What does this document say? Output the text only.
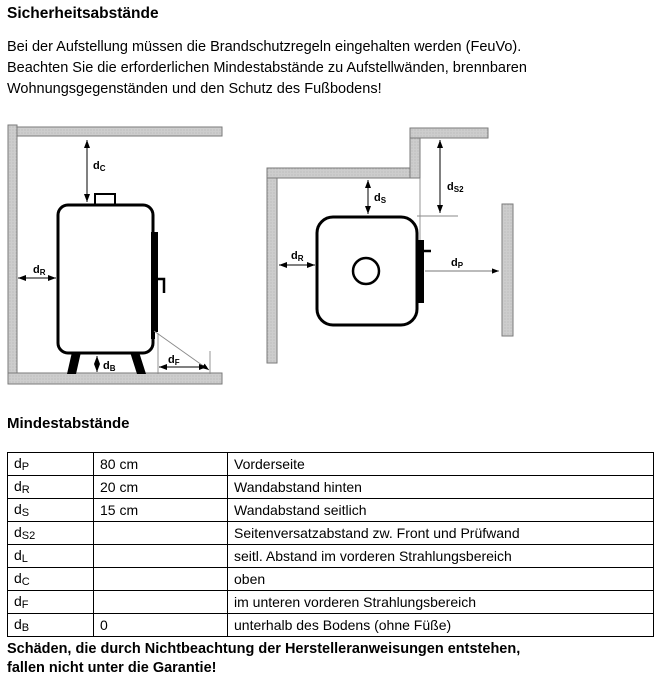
Sicherheitsabstände
Bei der Aufstellung müssen die Brandschutzregeln eingehalten werden (FeuVo).
Beachten Sie die erforderlichen Mindestabstände zu Aufstellwänden, brennbaren
Wohnungsgegenständen und den Schutz des Fußbodens!
dC
dR
dB
dF
dS2
dS
dR	dP
Mindestabstände
dP	80 cm	Vorderseite
dR	20 cm	Wandabstand hinten
dS	15 cm	Wandabstand seitlich
dS2		Seitenversatzabstand zw. Front und Prüfwand
dL		seitl. Abstand im vorderen Strahlungsbereich
dC		oben
dF		im unteren vorderen Strahlungsbereich
dB	0	unterhalb des Bodens (ohne Füße)
Schäden, die durch Nichtbeachtung der Herstelleranweisungen entstehen,
fallen nicht unter die Garantie!
